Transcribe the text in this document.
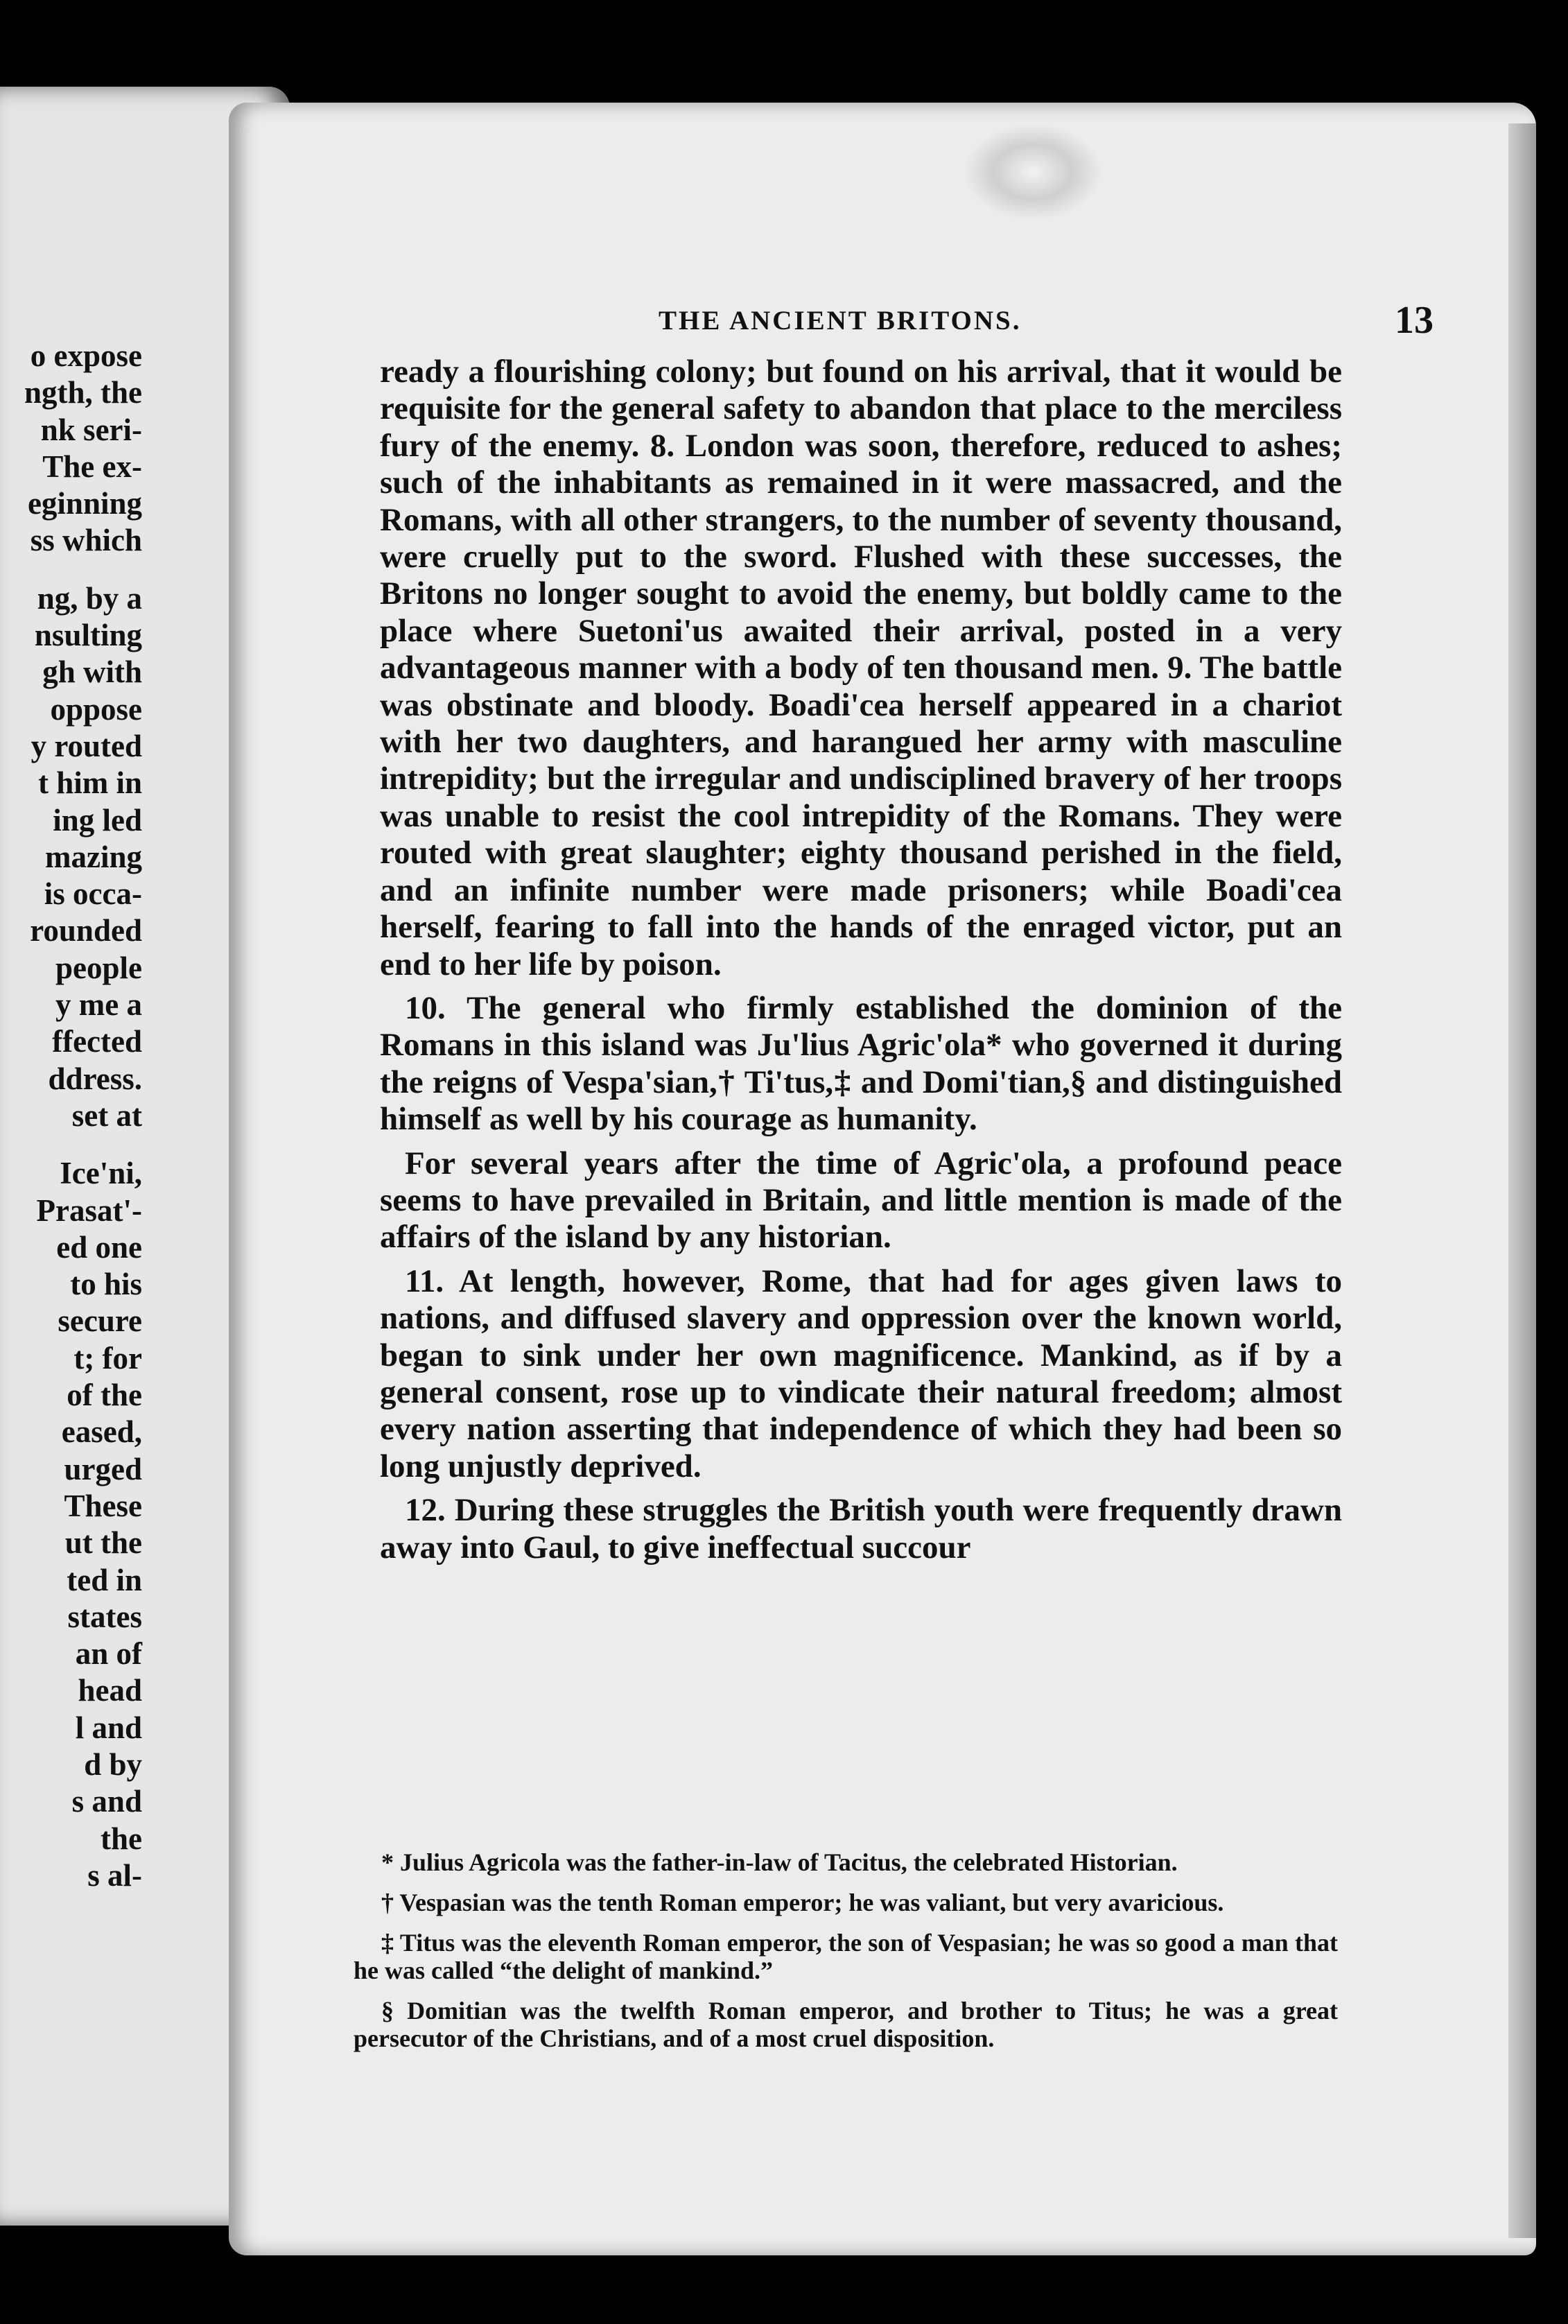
o expose
ngth, the
nk seri-
The ex-
eginning
ss which
ng, by a
nsulting
gh with
oppose
y routed
t him in
ing led
mazing
is occa-
rounded
people
y me a
ffected
ddress.
set at
Ice'ni,
Prasat'-
ed one
to his
secure
t; for
of the
eased,
urged
These
ut the
ted in
states
an of
head
l and
d by
s and
the
s al-
THE ANCIENT BRITONS.	13

ready a flourishing colony; but found on his arrival, that it would be requisite for the general safety to abandon that place to the merciless fury of the enemy. 8. London was soon, therefore, reduced to ashes; such of the inhabitants as remained in it were massacred, and the Romans, with all other strangers, to the number of seventy thousand, were cruelly put to the sword. Flushed with these successes, the Britons no longer sought to avoid the enemy, but boldly came to the place where Suetoni'us awaited their arrival, posted in a very advantageous manner with a body of ten thousand men. 9. The battle was obstinate and bloody. Boadi'cea herself appeared in a chariot with her two daughters, and harangued her army with masculine intrepidity; but the irregular and undisciplined bravery of her troops was unable to resist the cool intrepidity of the Romans. They were routed with great slaughter; eighty thousand perished in the field, and an infinite number were made prisoners; while Boadi'cea herself, fearing to fall into the hands of the enraged victor, put an end to her life by poison.

10. The general who firmly established the dominion of the Romans in this island was Ju'lius Agric'ola* who governed it during the reigns of Vespa'sian,† Ti'tus,‡ and Domi'tian,§ and distinguished himself as well by his courage as humanity.

For several years after the time of Agric'ola, a profound peace seems to have prevailed in Britain, and little mention is made of the affairs of the island by any historian.

11. At length, however, Rome, that had for ages given laws to nations, and diffused slavery and oppression over the known world, began to sink under her own magnificence. Mankind, as if by a general consent, rose up to vindicate their natural freedom; almost every nation asserting that independence of which they had been so long unjustly deprived.

12. During these struggles the British youth were frequently drawn away into Gaul, to give ineffectual succour

* Julius Agricola was the father-in-law of Tacitus, the celebrated Historian.

† Vespasian was the tenth Roman emperor; he was valiant, but very avaricious.

‡ Titus was the eleventh Roman emperor, the son of Vespasian; he was so good a man that he was called “the delight of mankind.”

§ Domitian was the twelfth Roman emperor, and brother to Titus; he was a great persecutor of the Christians, and of a most cruel disposition.
